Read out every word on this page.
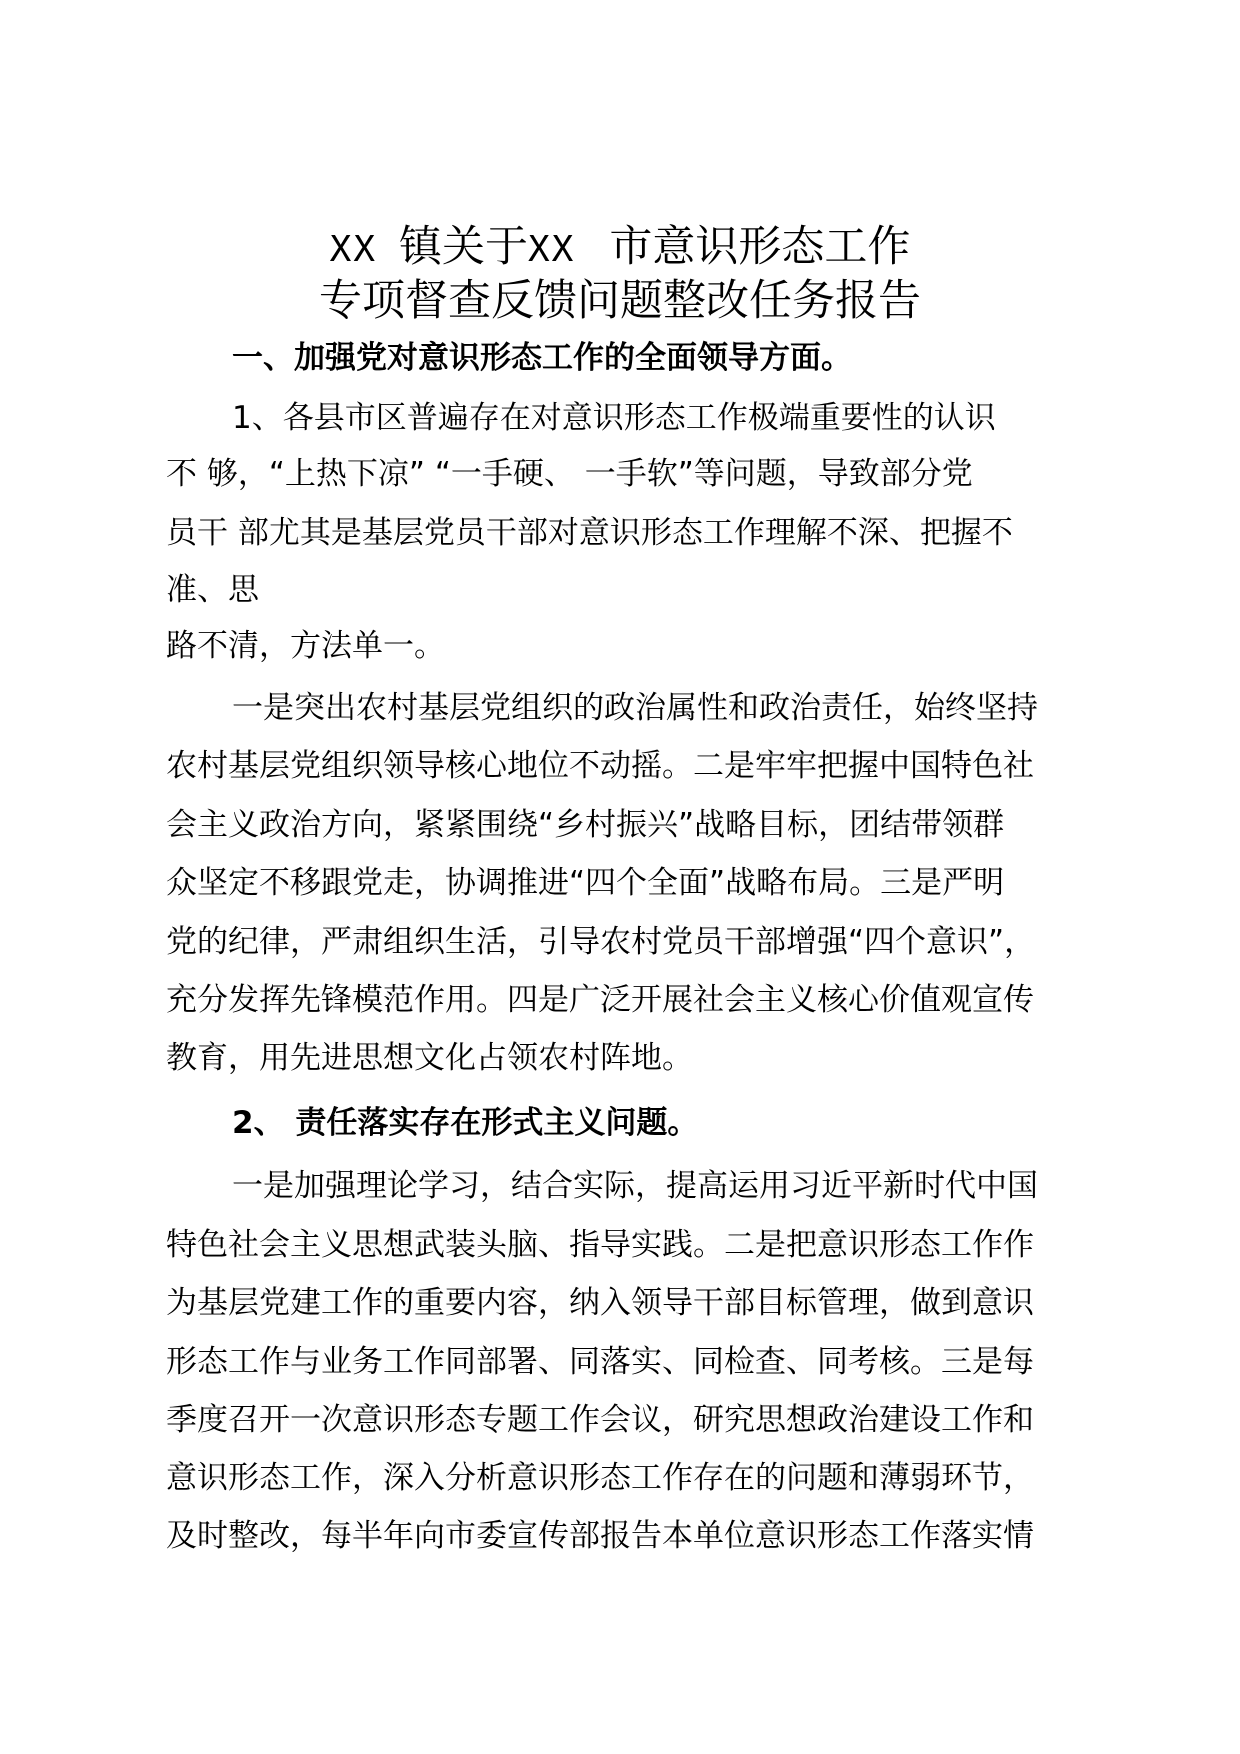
XX 镇关于XX 市意识形态工作
专项督查反馈问题整改任务报告
一、加强党对意识形态工作的全面领导方面。
1、各县市区普遍存在对意识形态工作极端重要性的认识
不 够，“上热下凉” “一手硬、 一手软”等问题，导致部分党
员干 部尤其是基层党员干部对意识形态工作理解不深、把握不
准、思
路不清，方法单一。
一是突出农村基层党组织的政治属性和政治责任，始终坚持
农村基层党组织领导核心地位不动摇。二是牢牢把握中国特色社
会主义政治方向，紧紧围绕“乡村振兴”战略目标，团结带领群
众坚定不移跟党走，协调推进“四个全面”战略布局。三是严明
党的纪律，严肃组织生活，引导农村党员干部增强“四个意识”，
充分发挥先锋模范作用。四是广泛开展社会主义核心价值观宣传
教育，用先进思想文化占领农村阵地。
2、 责任落实存在形式主义问题。
一是加强理论学习，结合实际，提高运用习近平新时代中国
特色社会主义思想武装头脑、指导实践。二是把意识形态工作作
为基层党建工作的重要内容，纳入领导干部目标管理，做到意识
形态工作与业务工作同部署、同落实、同检查、同考核。三是每
季度召开一次意识形态专题工作会议，研究思想政治建设工作和
意识形态工作，深入分析意识形态工作存在的问题和薄弱环节，
及时整改，每半年向市委宣传部报告本单位意识形态工作落实情
